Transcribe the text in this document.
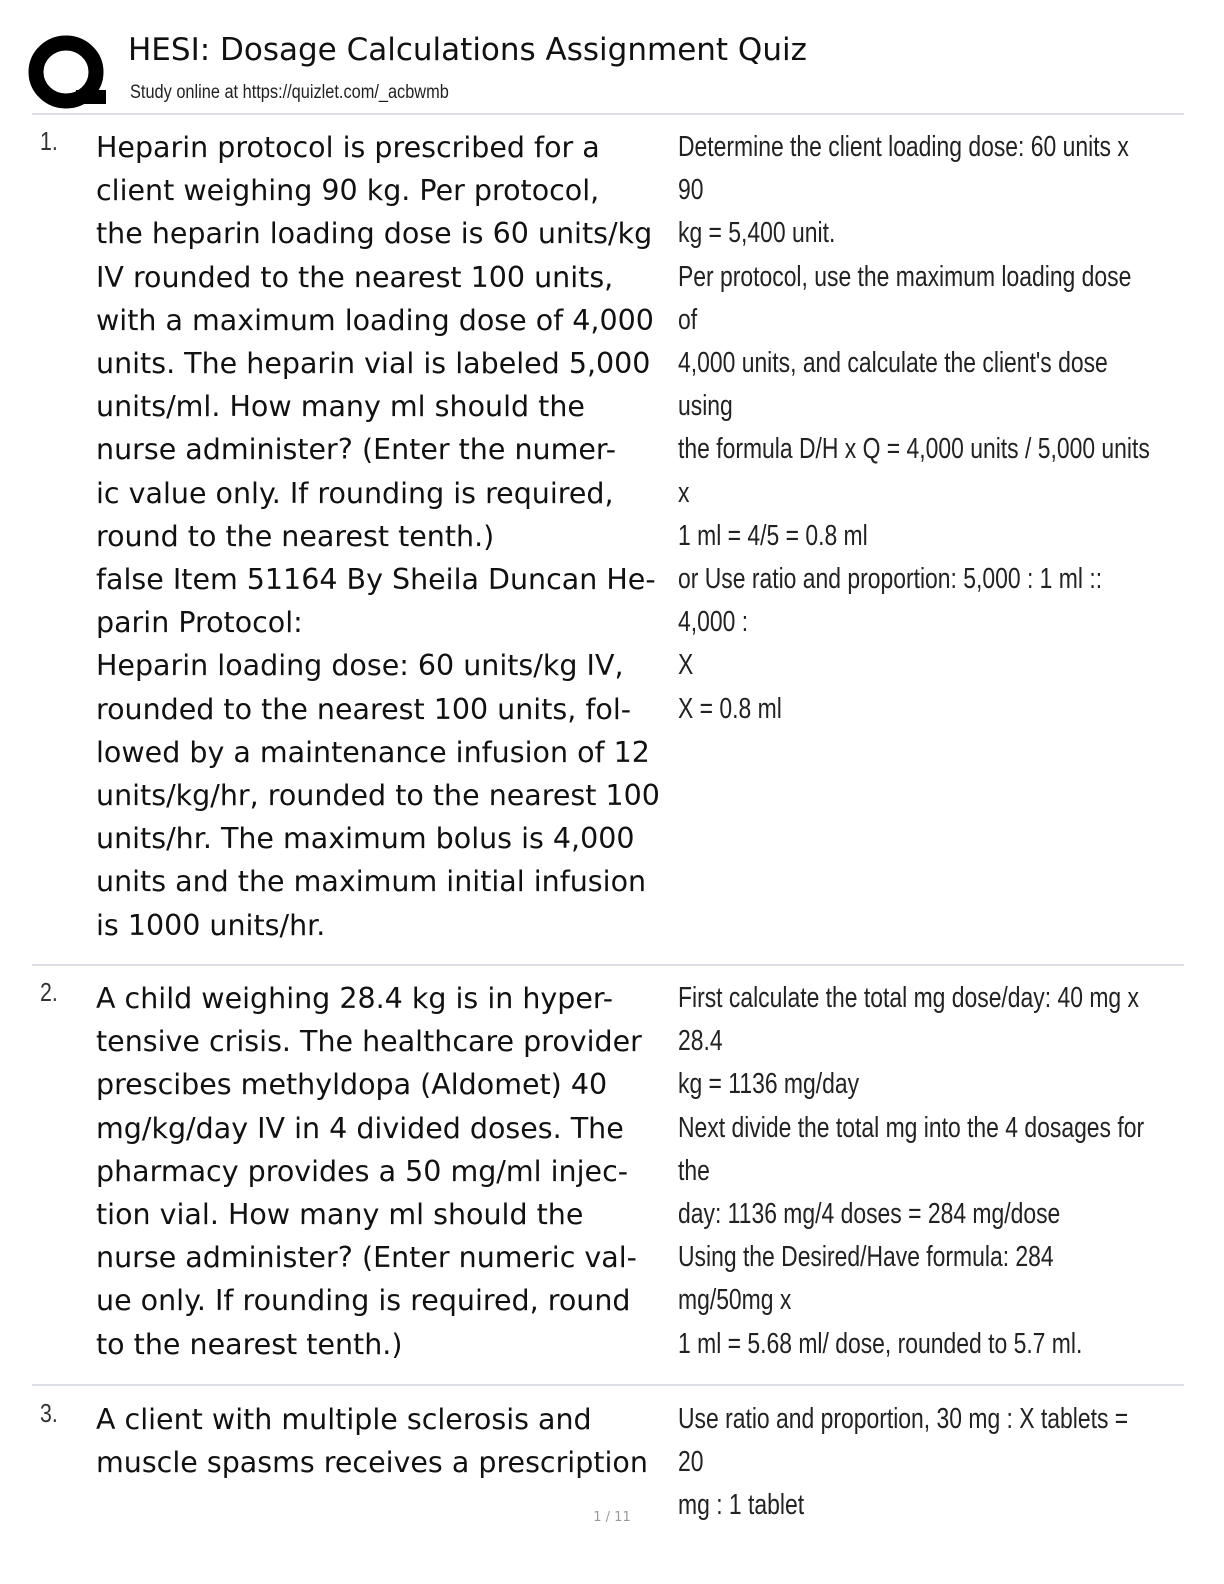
HESI: Dosage Calculations Assignment Quiz
Study online at https://quizlet.com/_acbwmb
1. Heparin protocol is prescribed for a
client weighing 90 kg. Per protocol,
the heparin loading dose is 60 units/kg
IV rounded to the nearest 100 units,
with a maximum loading dose of 4,000
units. The heparin vial is labeled 5,000
units/ml. How many ml should the
nurse administer? (Enter the numer-
ic value only. If rounding is required,
round to the nearest tenth.)
false Item 51164 By Sheila Duncan He-
parin Protocol:
Heparin loading dose: 60 units/kg IV,
rounded to the nearest 100 units, fol-
lowed by a maintenance infusion of 12
units/kg/hr, rounded to the nearest 100
units/hr. The maximum bolus is 4,000
units and the maximum initial infusion
is 1000 units/hr.
Determine the client loading dose: 60 units x 90
kg = 5,400 unit.
Per protocol, use the maximum loading dose of
4,000 units, and calculate the client's dose using
the formula D/H x Q = 4,000 units / 5,000 units x
1 ml = 4/5 = 0.8 ml
or Use ratio and proportion: 5,000 : 1 ml :: 4,000 :
X
X = 0.8 ml
2. A child weighing 28.4 kg is in hyper-
tensive crisis. The healthcare provider
prescibes methyldopa (Aldomet) 40
mg/kg/day IV in 4 divided doses. The
pharmacy provides a 50 mg/ml injec-
tion vial. How many ml should the
nurse administer? (Enter numeric val-
ue only. If rounding is required, round
to the nearest tenth.)
First calculate the total mg dose/day: 40 mg x 28.4
kg = 1136 mg/day
Next divide the total mg into the 4 dosages for the
day: 1136 mg/4 doses = 284 mg/dose
Using the Desired/Have formula: 284 mg/50mg x
1 ml = 5.68 ml/ dose, rounded to 5.7 ml.
3. A client with multiple sclerosis and
muscle spasms receives a prescription
Use ratio and proportion, 30 mg : X tablets = 20
mg : 1 tablet
1 / 11
